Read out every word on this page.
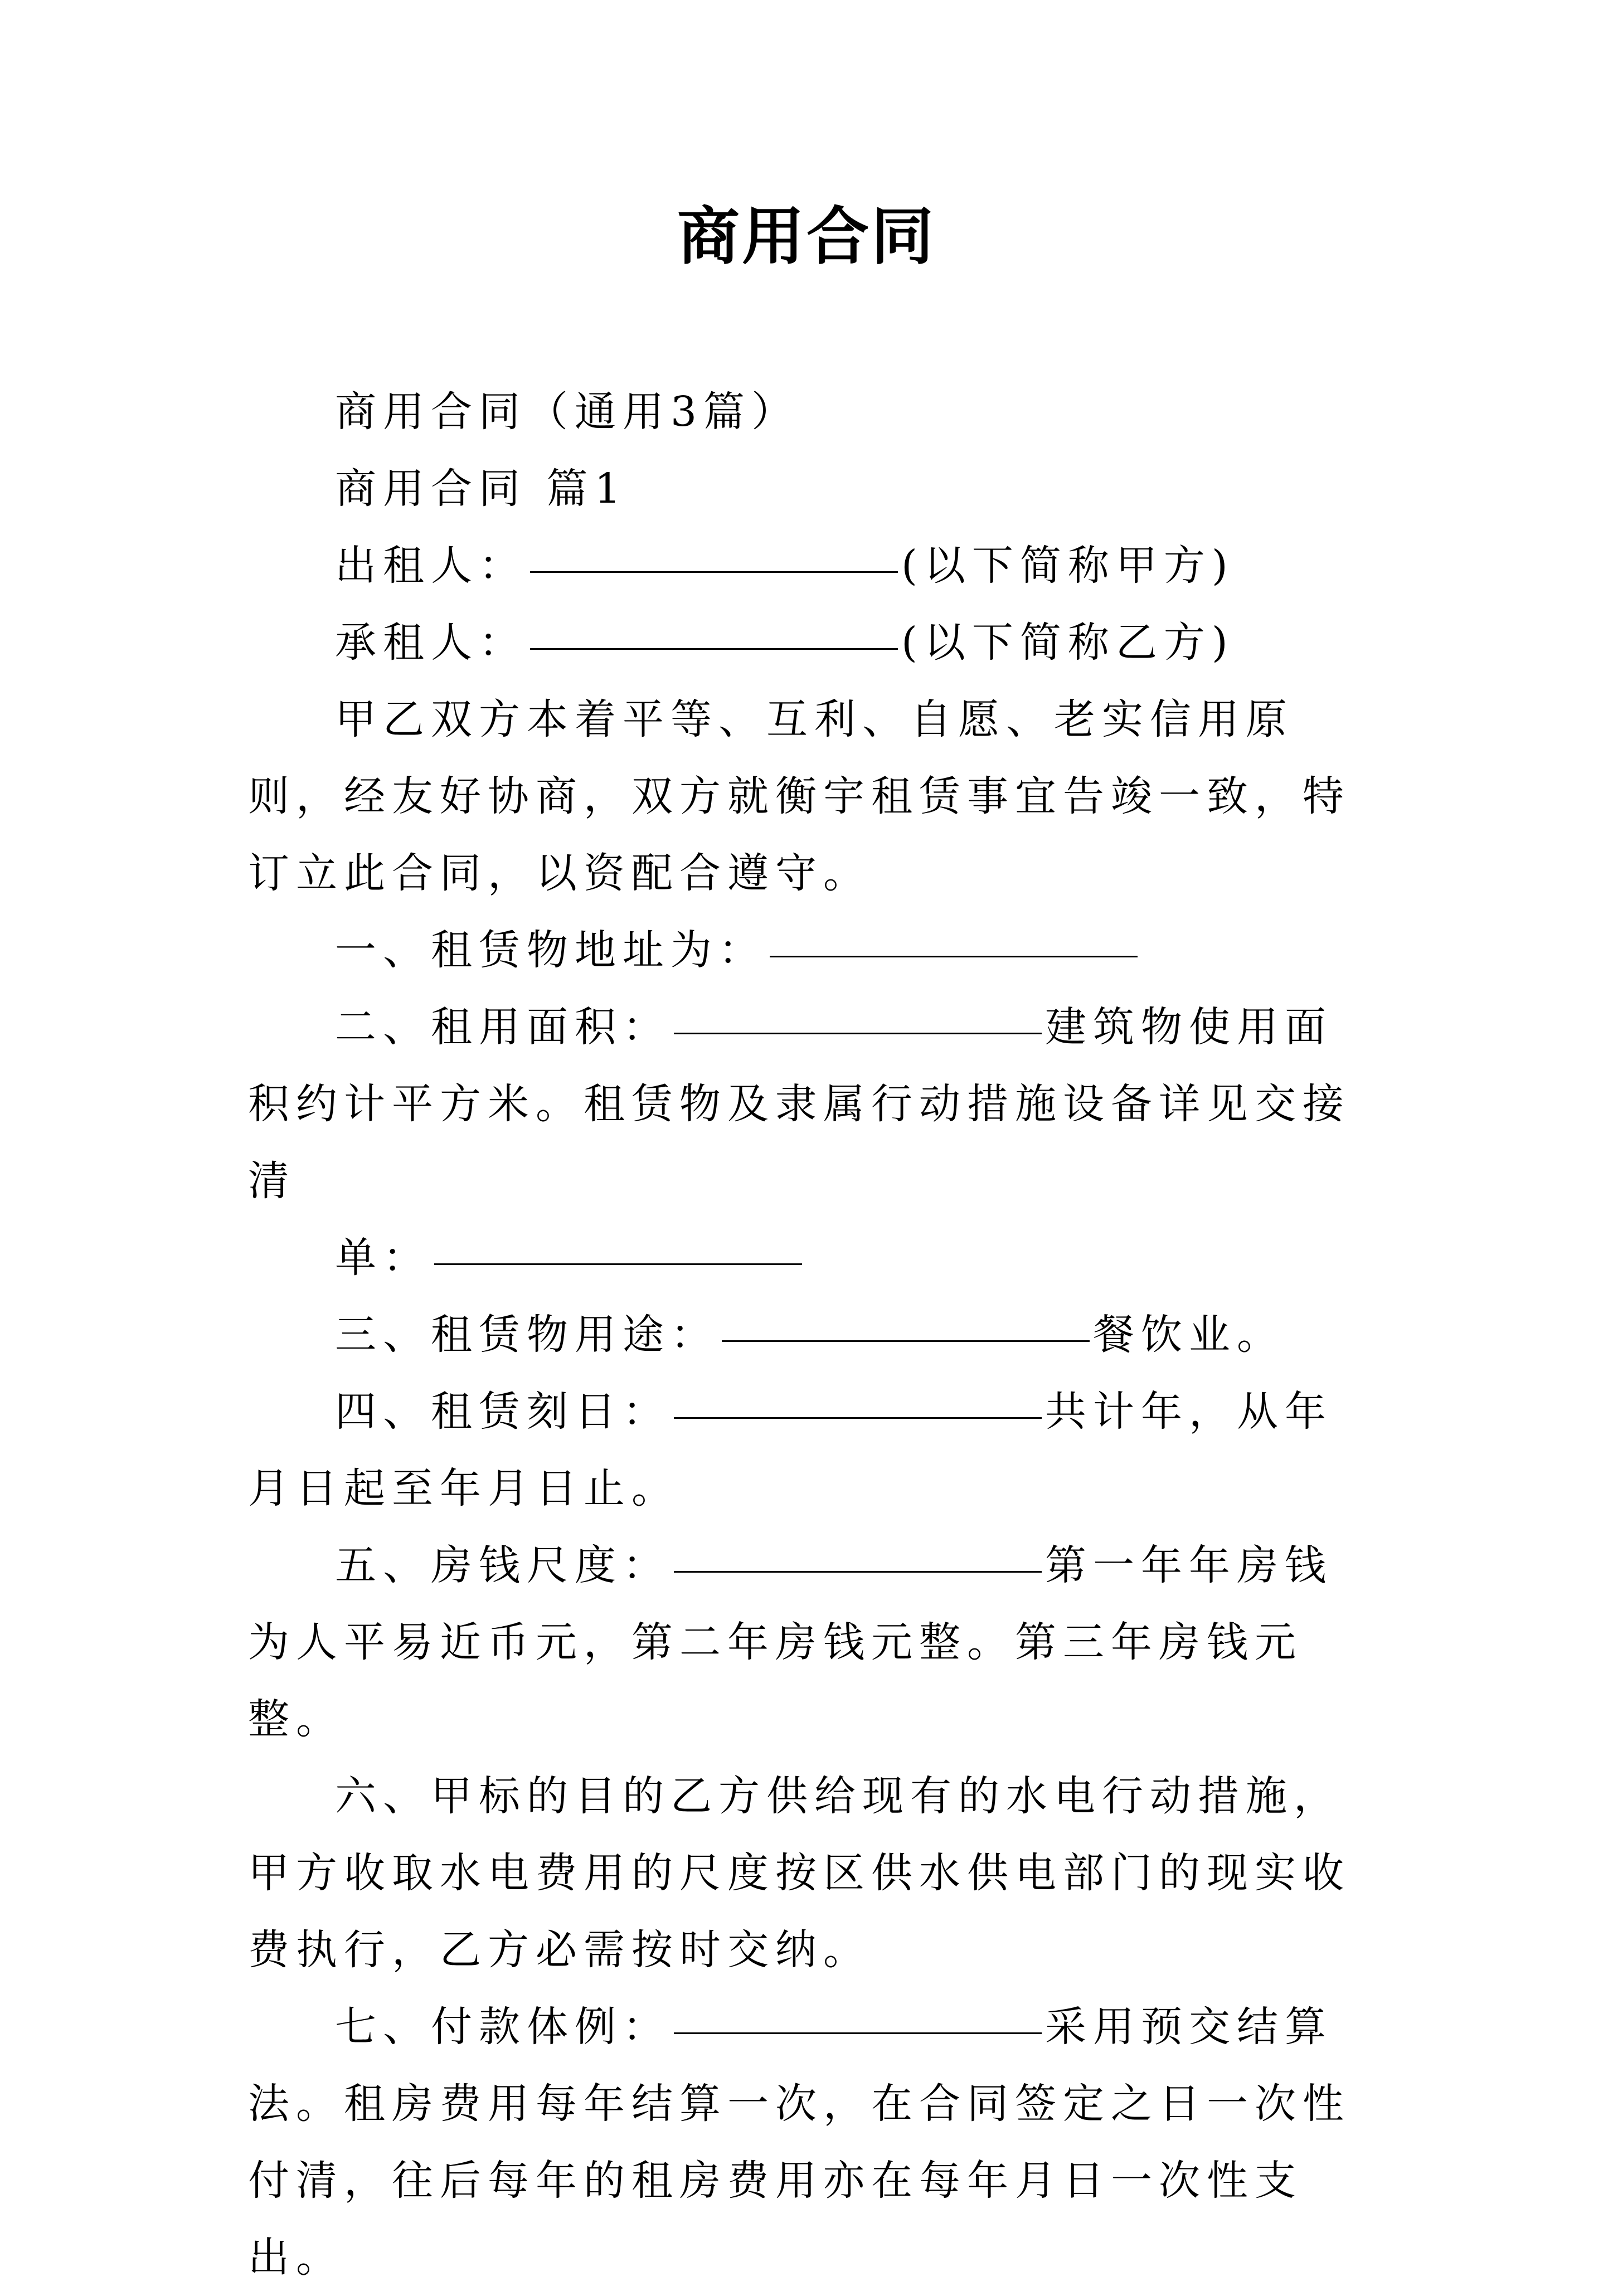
商用合同

商用合同（通用3篇）

商用合同 篇1

出租人：	(以下简称甲方)

承租人：	(以下简称乙方)

甲乙双方本着平等、互利、自愿、老实信用原则，经友好协商，双方就衡宇租赁事宜告竣一致，特订立此合同，以资配合遵守。

一、租赁物地址为：

二、租用面积：	建筑物使用面积约计平方米。租赁物及隶属行动措施设备详见交接清

单：

三、租赁物用途：	餐饮业。

四、租赁刻日：	共计年，从年月日起至年月日止。

五、房钱尺度：	第一年年房钱为人平易近币元，第二年房钱元整。第三年房钱元整。

六、甲标的目的乙方供给现有的水电行动措施，甲方收取水电费用的尺度按区供水供电部门的现实收费执行，乙方必需按时交纳。

七、付款体例：	采用预交结算法。租房费用每年结算一次，在合同签定之日一次性付清，往后每年的租房费用亦在每年月日一次性支出。
